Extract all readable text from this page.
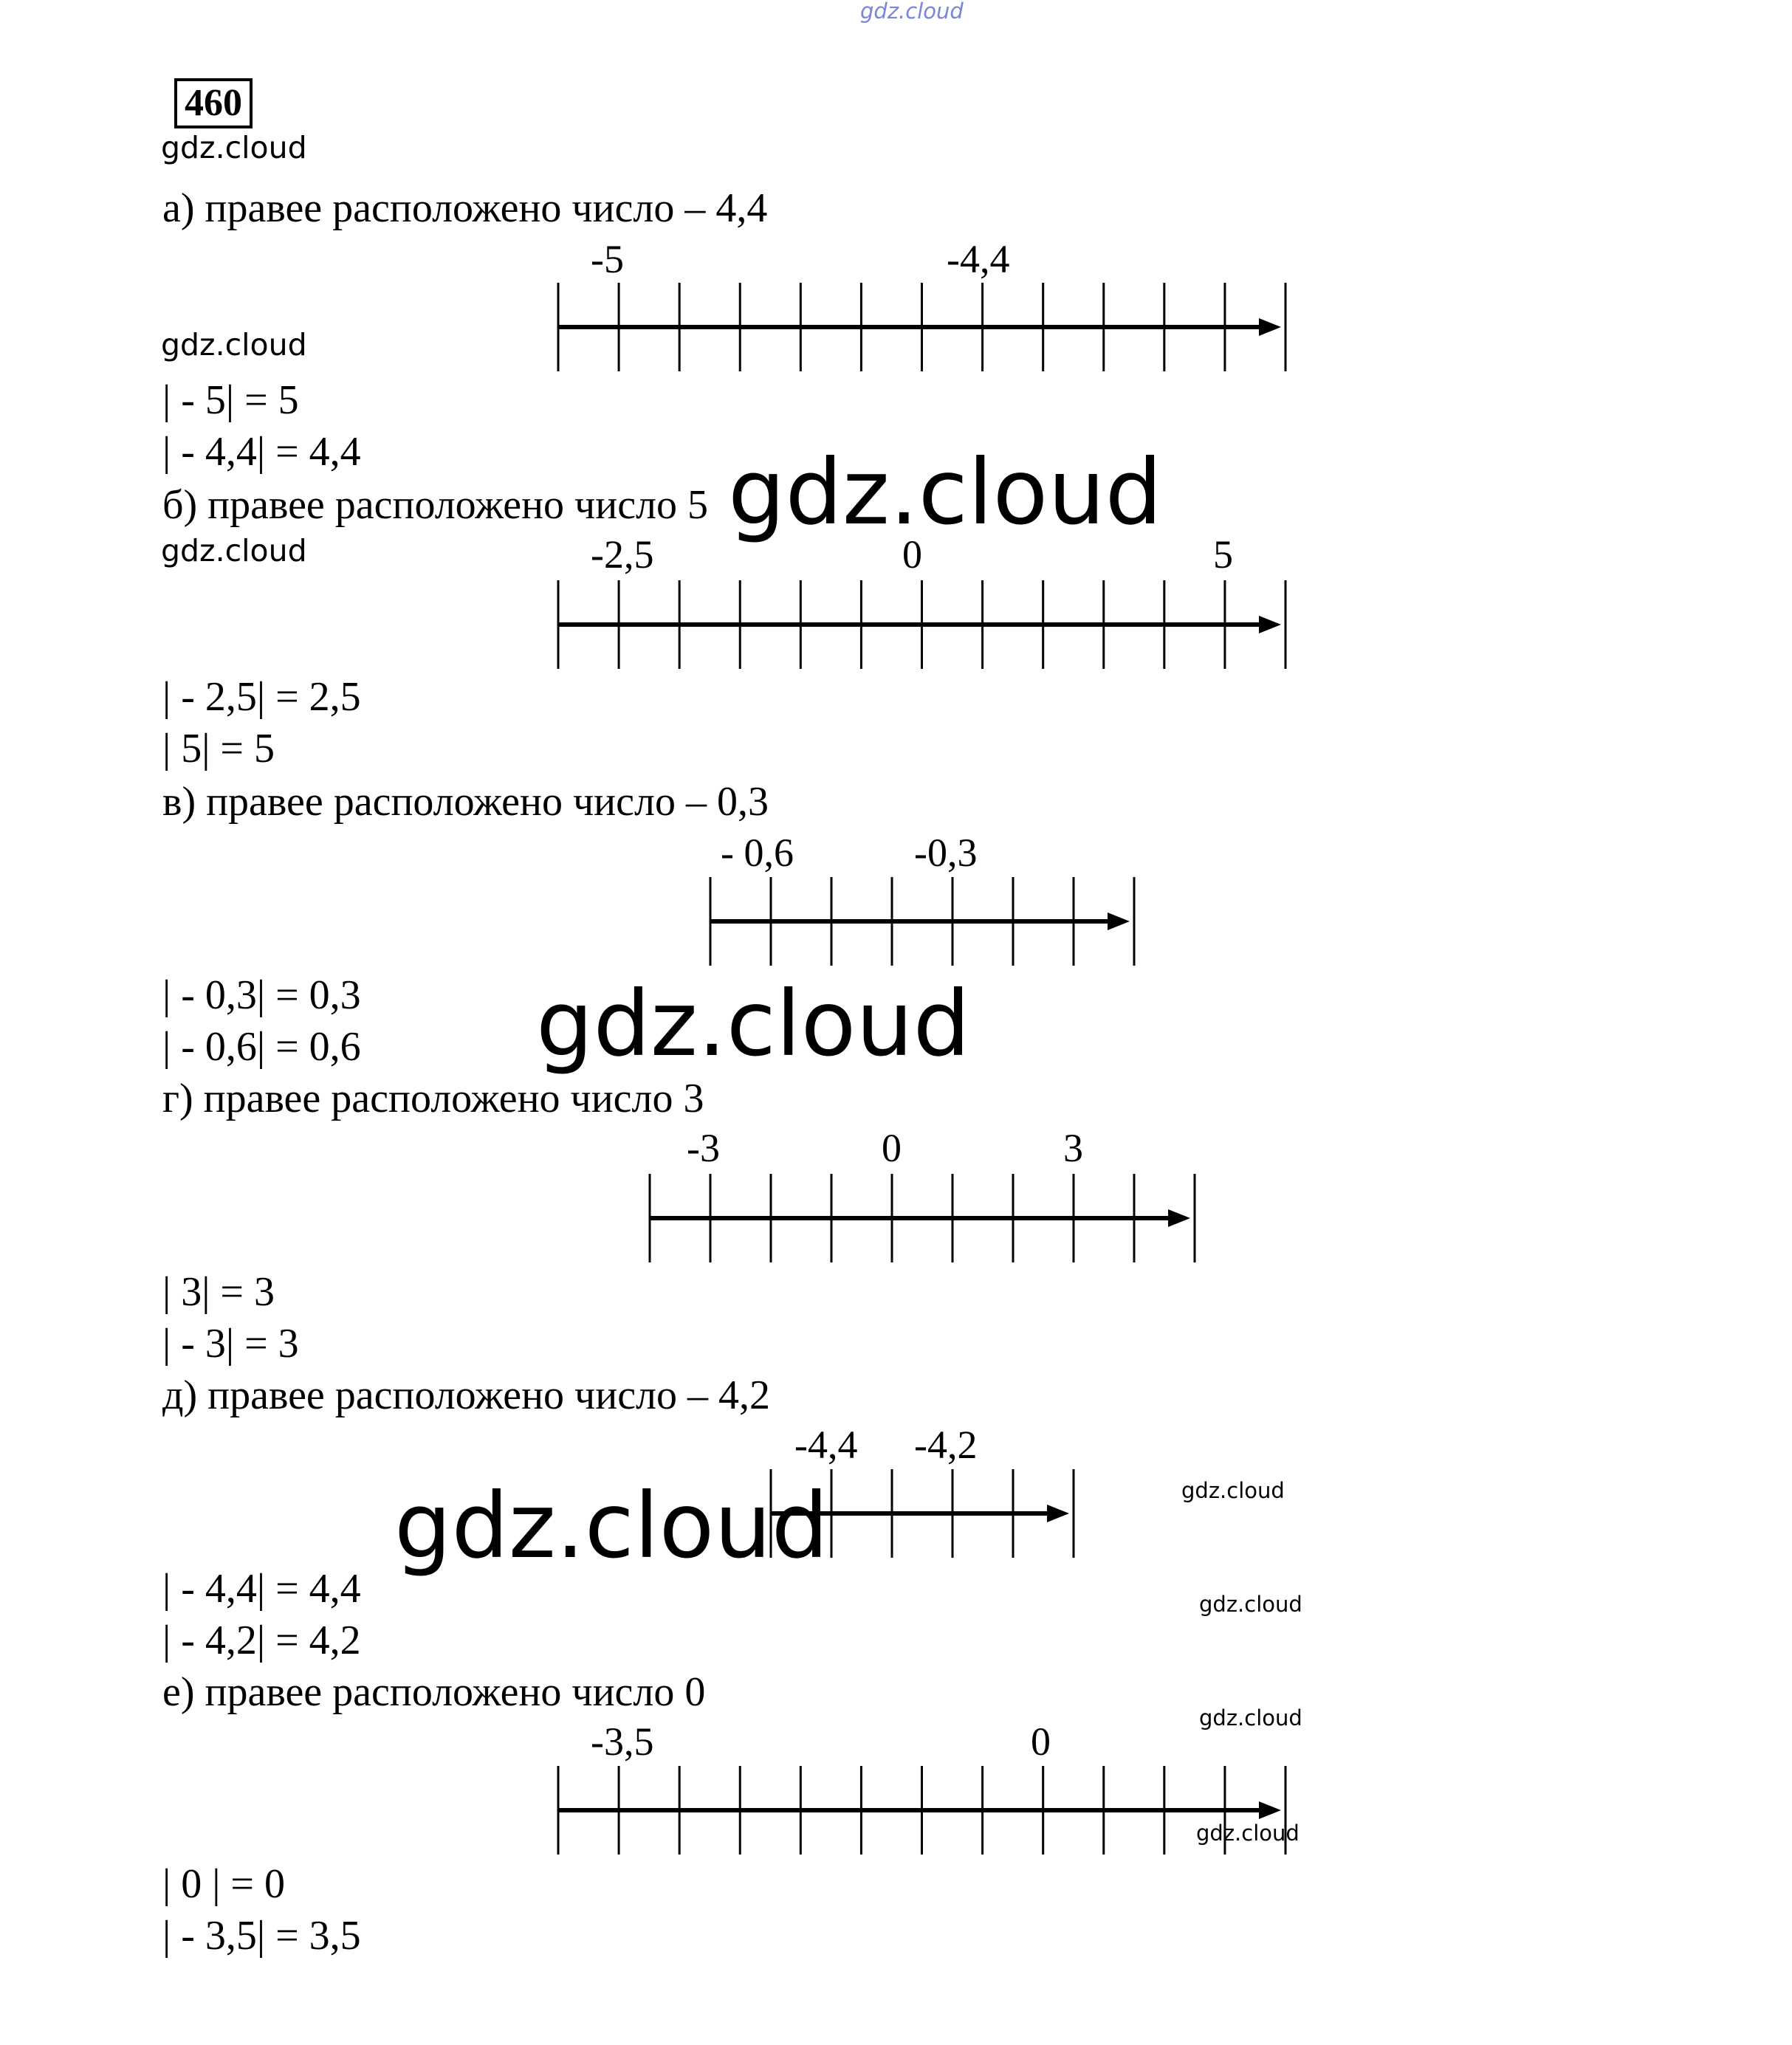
gdz.cloud
460
gdz.cloud
а) правее расположено число – 4,4
-5	-4,4
gdz.cloud
| - 5| = 5
| - 4,4| = 4,4
б) правее расположено число 5
gdz.cloud	-2,5	0	5
| - 2,5| = 2,5
| 5| = 5
gdz.cloud
в) правее расположено число – 0,3
- 0,6	-0,3
| - 0,3| = 0,3
| - 0,6| = 0,6 gdz.cloud
г) правее расположено число 3
-3	0	3
| 3| = 3
| - 3| = 3
д) правее расположено число – 4,2
-4,4 -4,2
gdz.cloud	gdz.cloud
| - 4,4| = 4,4
| - 4,2| = 4,2
gdz.cloud
е) правее расположено число 0
gdz.cloud
-3,5	0
gdz.cloud
| 0 | = 0
| - 3,5| = 3,5
